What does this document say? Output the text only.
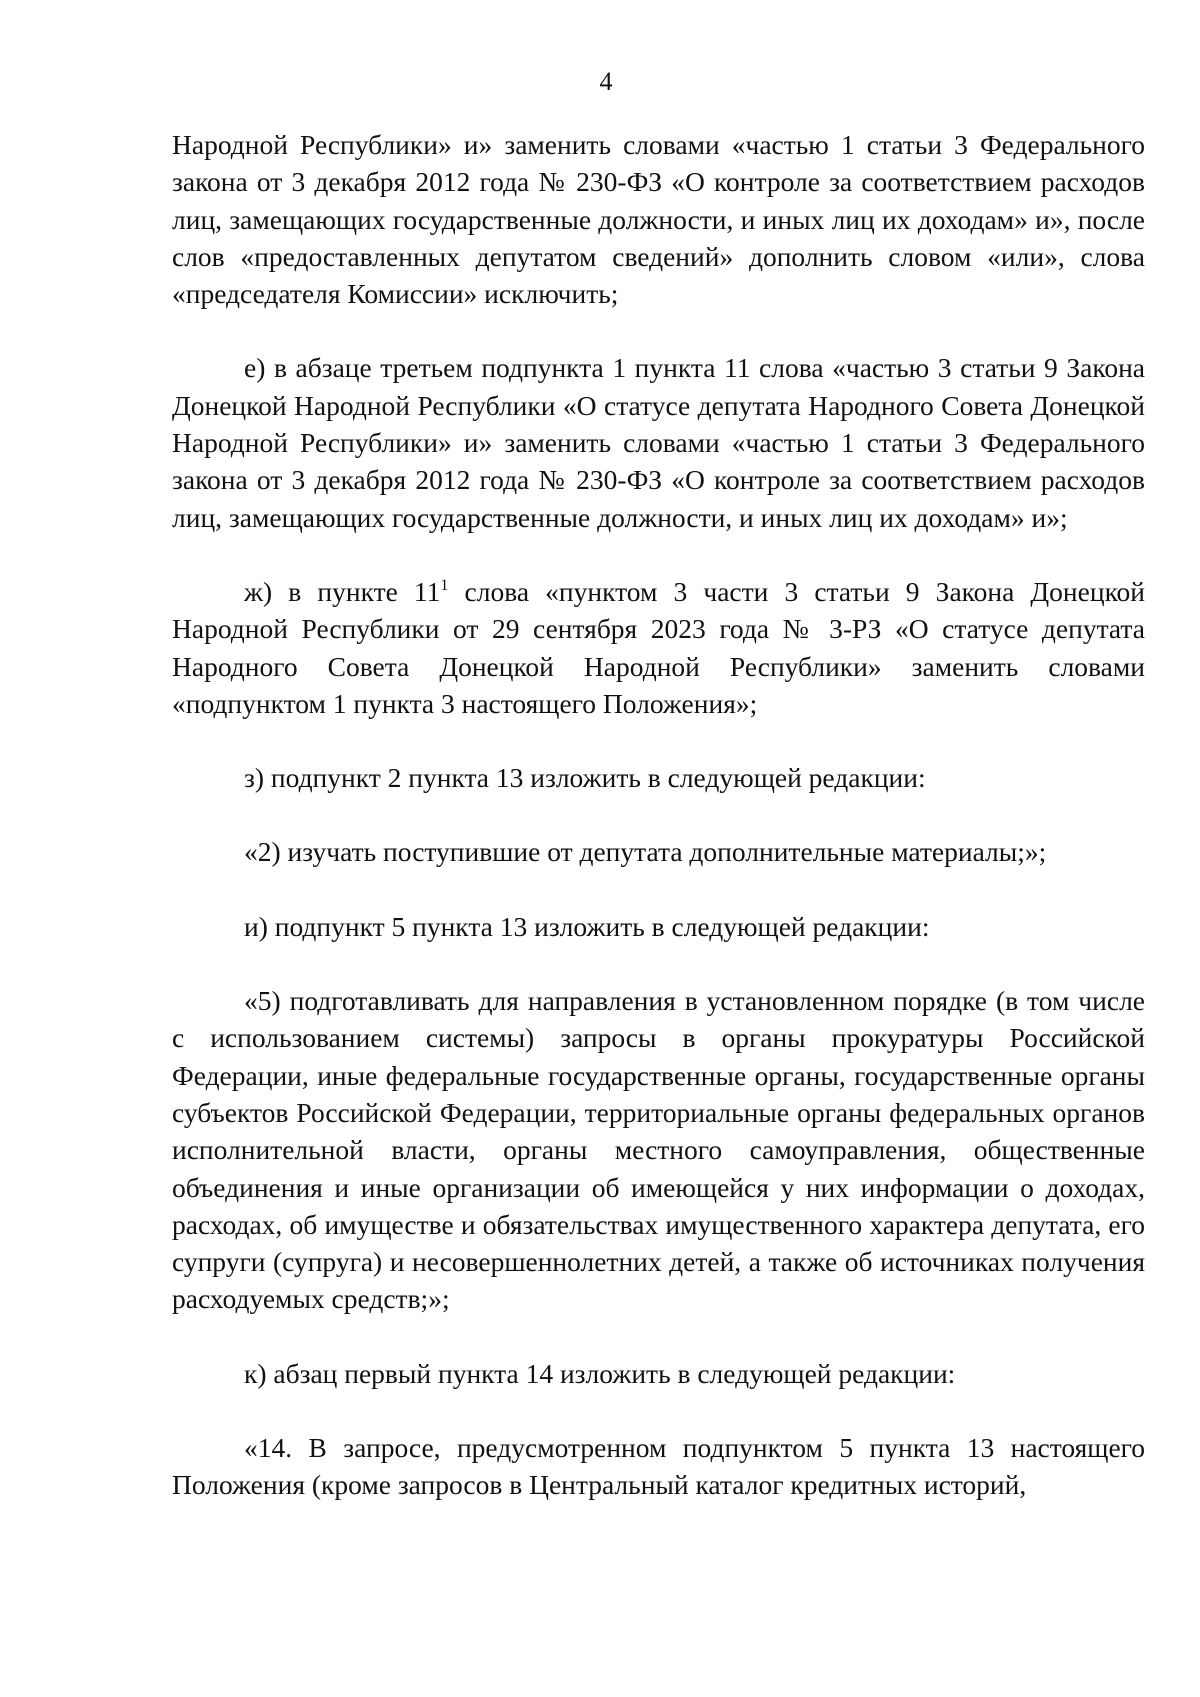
4

Народной Республики» и» заменить словами «частью 1 статьи 3 Федерального закона от 3 декабря 2012 года № 230-ФЗ «О контроле за соответствием расходов лиц, замещающих государственные должности, и иных лиц их доходам» и», после слов «предоставленных депутатом сведений» дополнить словом «или», слова «председателя Комиссии» исключить;

е) в абзаце третьем подпункта 1 пункта 11 слова «частью 3 статьи 9 Закона Донецкой Народной Республики «О статусе депутата Народного Совета Донецкой Народной Республики» и» заменить словами «частью 1 статьи 3 Федерального закона от 3 декабря 2012 года № 230-ФЗ «О контроле за соответствием расходов лиц, замещающих государственные должности, и иных лиц их доходам» и»;

ж) в пункте $11^1$ слова «пунктом 3 части 3 статьи 9 Закона Донецкой Народной Республики от 29 сентября 2023 года № 3-РЗ «О статусе депутата Народного Совета Донецкой Народной Республики» заменить словами «подпунктом 1 пункта 3 настоящего Положения»;

з) подпункт 2 пункта 13 изложить в следующей редакции:

«2) изучать поступившие от депутата дополнительные материалы;»;

и) подпункт 5 пункта 13 изложить в следующей редакции:

«5) подготавливать для направления в установленном порядке (в том числе с использованием системы) запросы в органы прокуратуры Российской Федерации, иные федеральные государственные органы, государственные органы субъектов Российской Федерации, территориальные органы федеральных органов исполнительной власти, органы местного самоуправления, общественные объединения и иные организации об имеющейся у них информации о доходах, расходах, об имуществе и обязательствах имущественного характера депутата, его супруги (супруга) и несовершеннолетних детей, а также об источниках получения расходуемых средств;»;

к) абзац первый пункта 14 изложить в следующей редакции:

«14. В запросе, предусмотренном подпунктом 5 пункта 13 настоящего Положения (кроме запросов в Центральный каталог кредитных историй,
